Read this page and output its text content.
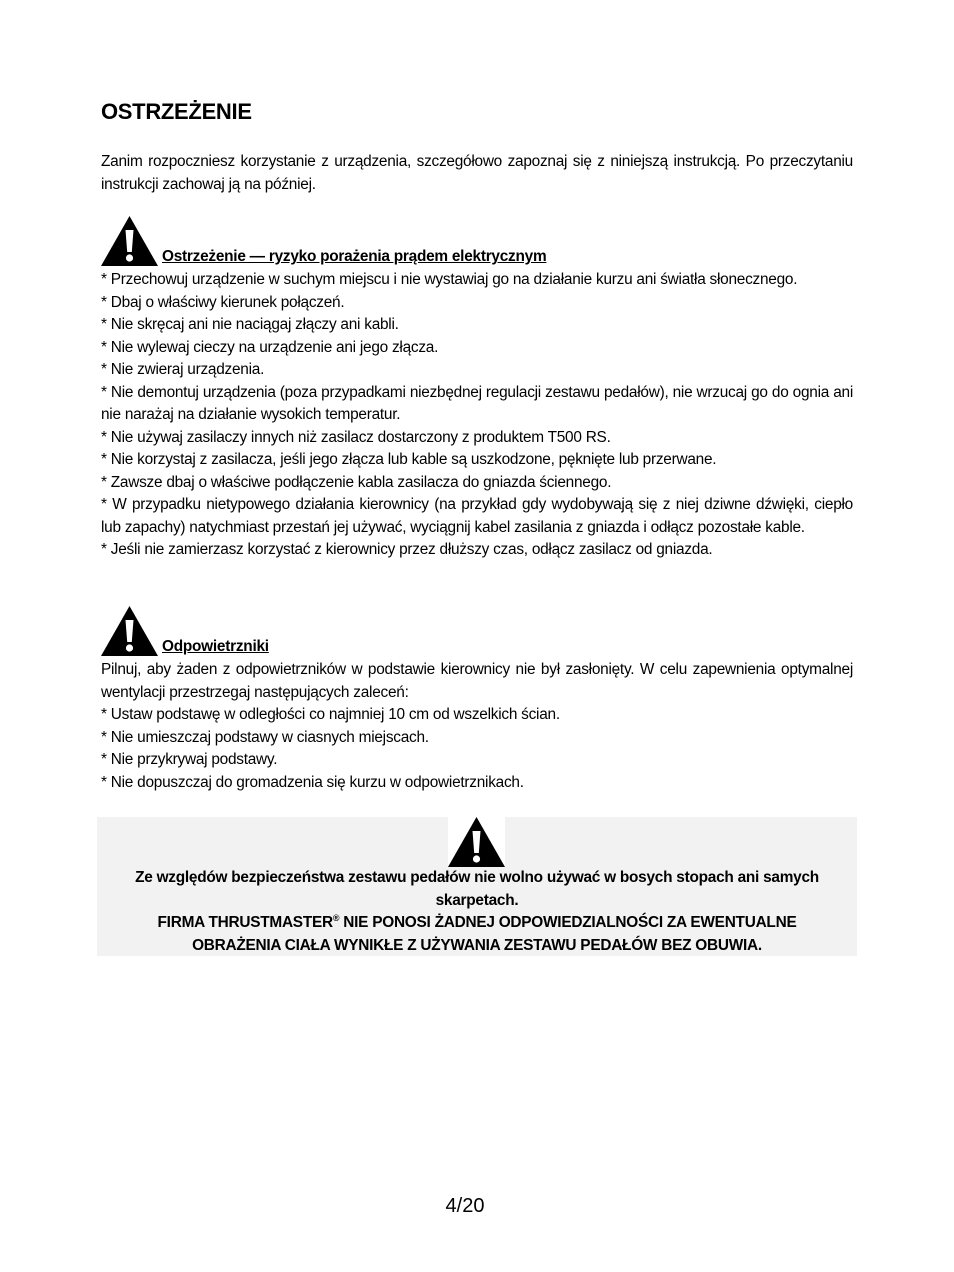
OSTRZEŻENIE

Zanim rozpoczniesz korzystanie z urządzenia, szczegółowo zapoznaj się z niniejszą instrukcją. Po przeczytaniu instrukcji zachowaj ją na później.

Ostrzeżenie — ryzyko porażenia prądem elektrycznym
* Przechowuj urządzenie w suchym miejscu i nie wystawiaj go na działanie kurzu ani światła słonecznego.
* Dbaj o właściwy kierunek połączeń.
* Nie skręcaj ani nie naciągaj złączy ani kabli.
* Nie wylewaj cieczy na urządzenie ani jego złącza.
* Nie zwieraj urządzenia.
* Nie demontuj urządzenia (poza przypadkami niezbędnej regulacji zestawu pedałów), nie wrzucaj go do ognia ani nie narażaj na działanie wysokich temperatur.
* Nie używaj zasilaczy innych niż zasilacz dostarczony z produktem T500 RS.
* Nie korzystaj z zasilacza, jeśli jego złącza lub kable są uszkodzone, pęknięte lub przerwane.
* Zawsze dbaj o właściwe podłączenie kabla zasilacza do gniazda ściennego.
* W przypadku nietypowego działania kierownicy (na przykład gdy wydobywają się z niej dziwne dźwięki, ciepło lub zapachy) natychmiast przestań jej używać, wyciągnij kabel zasilania z gniazda i odłącz pozostałe kable.
* Jeśli nie zamierzasz korzystać z kierownicy przez dłuższy czas, odłącz zasilacz od gniazda.
Odpowietrzniki

Pilnuj, aby żaden z odpowietrzników w podstawie kierownicy nie był zasłonięty. W celu zapewnienia optymalnej wentylacji przestrzegaj następujących zaleceń:

* Ustaw podstawę w odległości co najmniej 10 cm od wszelkich ścian.
* Nie umieszczaj podstawy w ciasnych miejscach.
* Nie przykrywaj podstawy.
* Nie dopuszczaj do gromadzenia się kurzu w odpowietrznikach.

Ze względów bezpieczeństwa zestawu pedałów nie wolno używać w bosych stopach ani samych skarpetach.
FIRMA THRUSTMASTER® NIE PONOSI ŻADNEJ ODPOWIEDZIALNOŚCI ZA EWENTUALNE
OBRAŻENIA CIAŁA WYNIKŁE Z UŻYWANIA ZESTAWU PEDAŁÓW BEZ OBUWIA.

4/20
